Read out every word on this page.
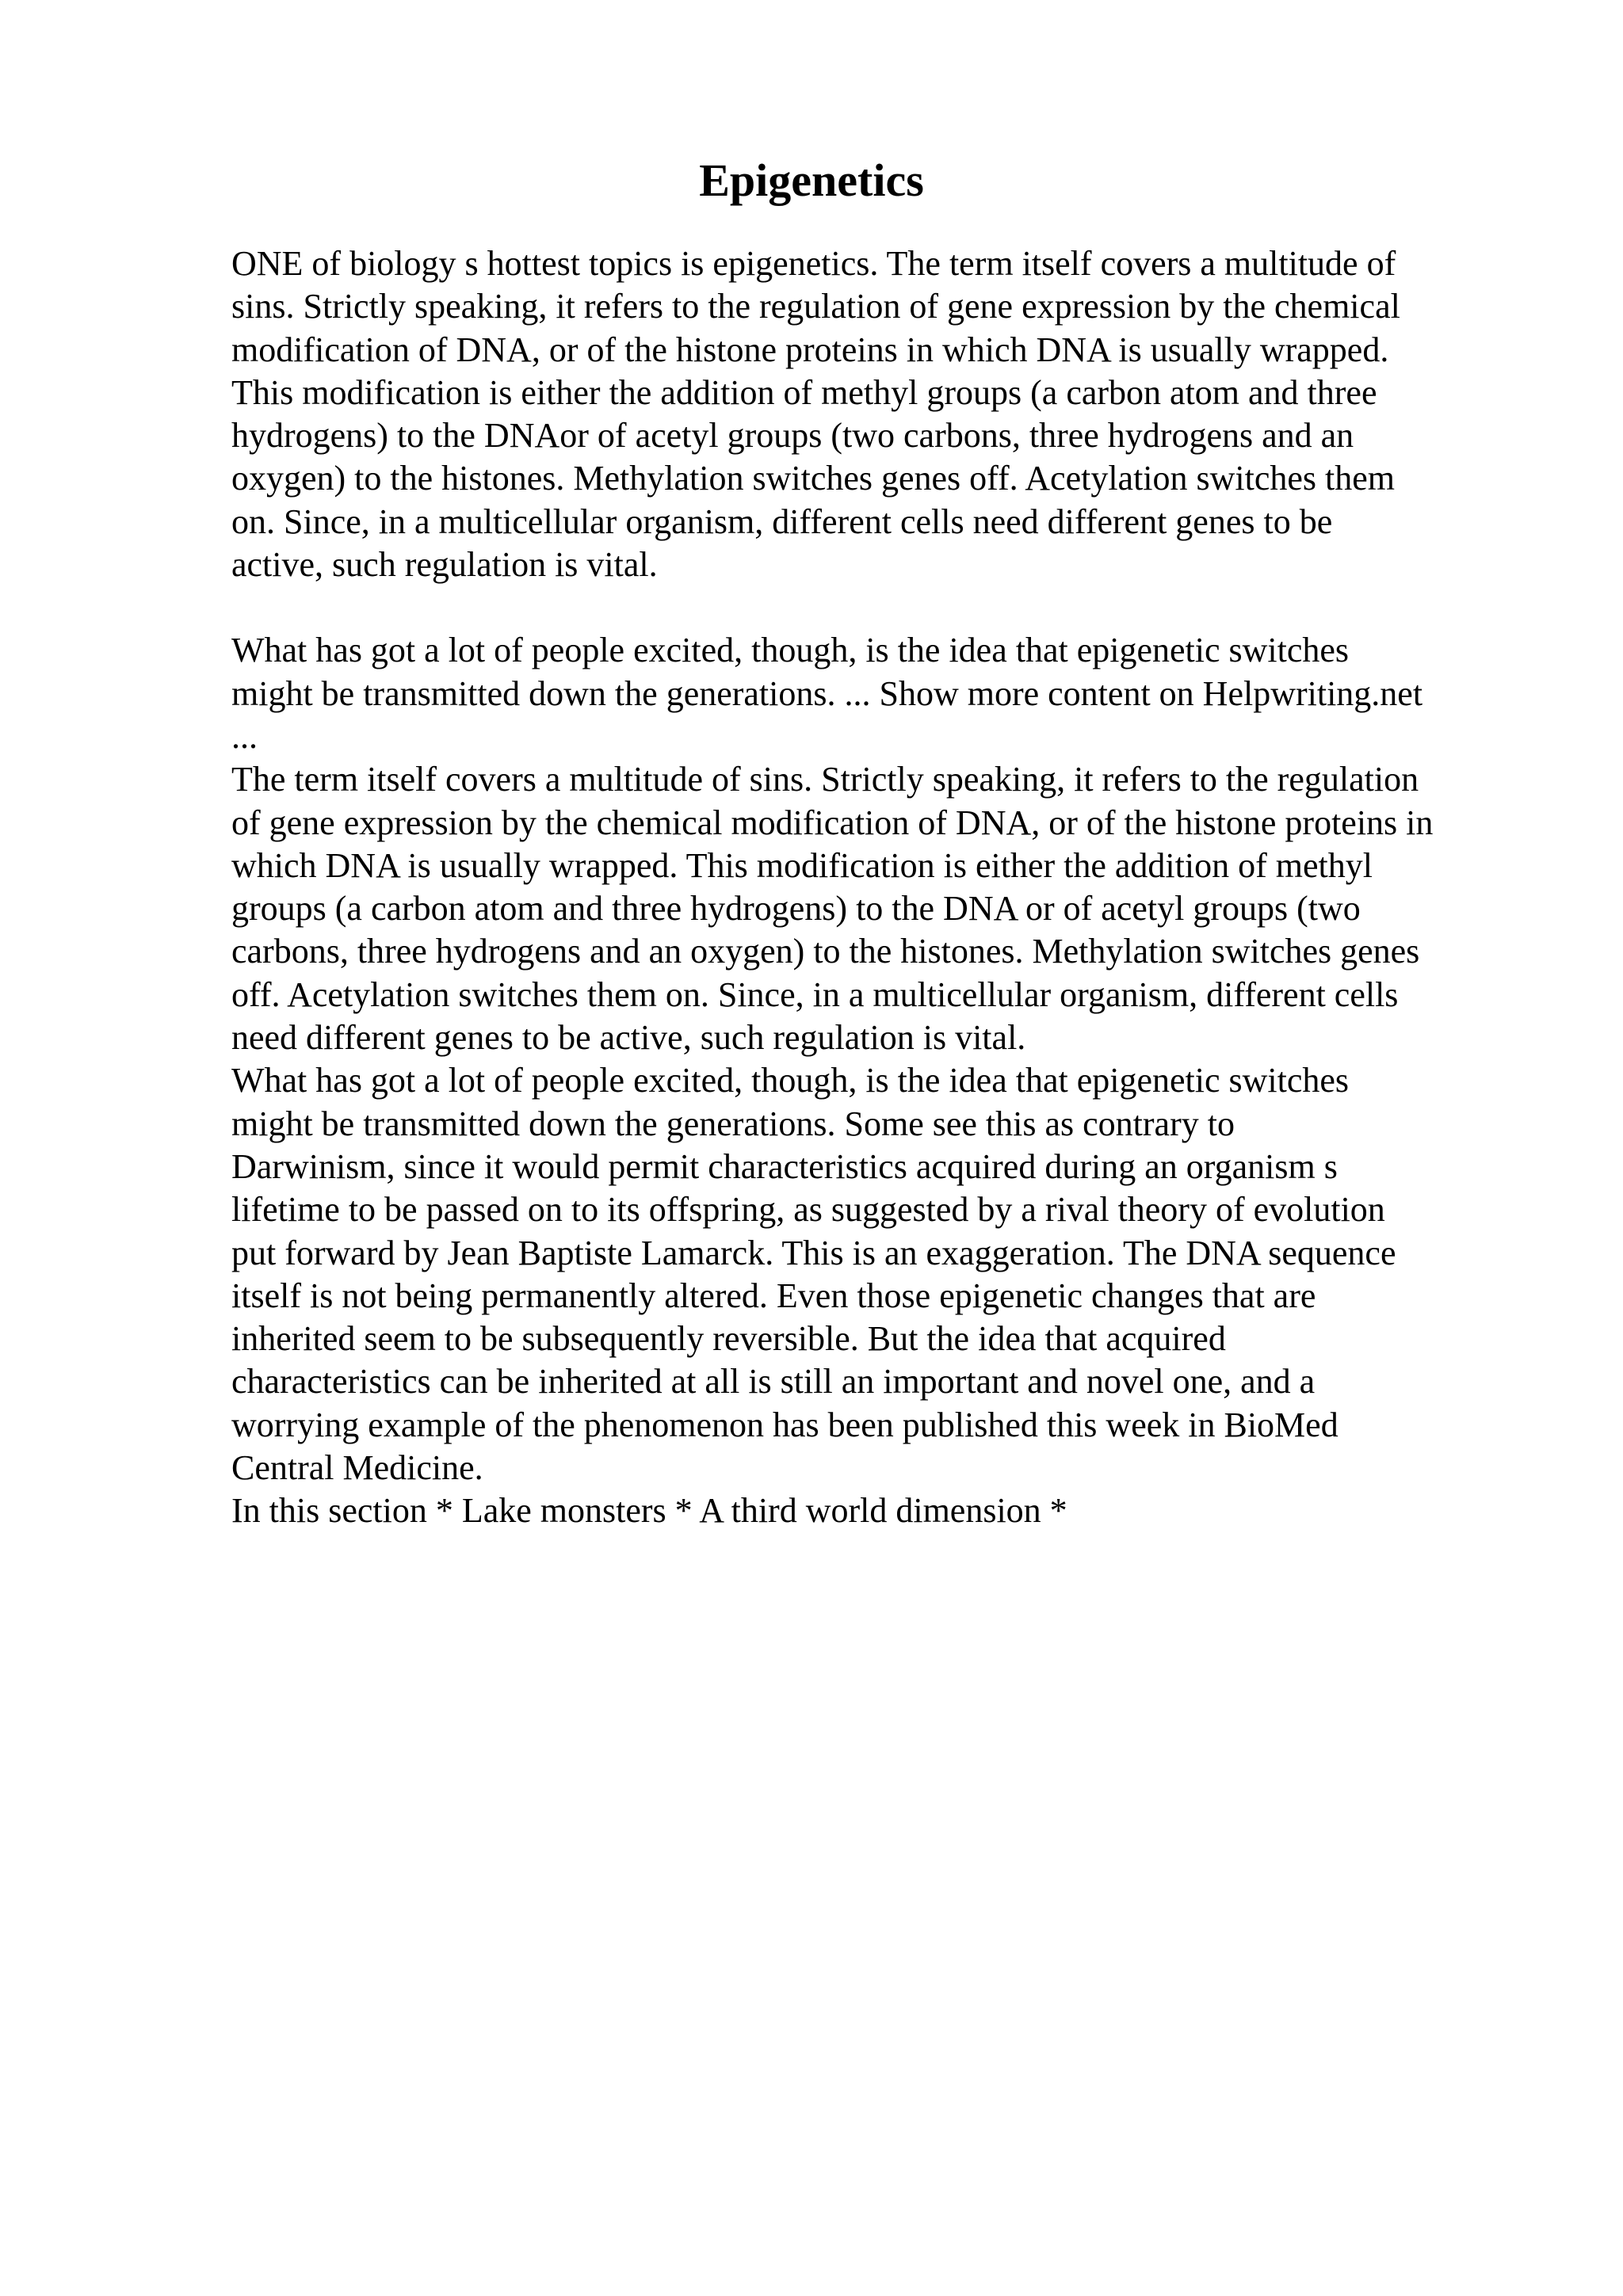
Epigenetics

ONE of biology s hottest topics is epigenetics. The term itself covers a multitude of
sins. Strictly speaking, it refers to the regulation of gene expression by the chemical
modification of DNA, or of the histone proteins in which DNA is usually wrapped.
This modification is either the addition of methyl groups (a carbon atom and three
hydrogens) to the DNAor of acetyl groups (two carbons, three hydrogens and an
oxygen) to the histones. Methylation switches genes off. Acetylation switches them
on. Since, in a multicellular organism, different cells need different genes to be
active, such regulation is vital.

What has got a lot of people excited, though, is the idea that epigenetic switches
might be transmitted down the generations. ... Show more content on Helpwriting.net
...

The term itself covers a multitude of sins. Strictly speaking, it refers to the regulation
of gene expression by the chemical modification of DNA, or of the histone proteins in
which DNA is usually wrapped. This modification is either the addition of methyl
groups (a carbon atom and three hydrogens) to the DNA or of acetyl groups (two
carbons, three hydrogens and an oxygen) to the histones. Methylation switches genes
off. Acetylation switches them on. Since, in a multicellular organism, different cells
need different genes to be active, such regulation is vital.

What has got a lot of people excited, though, is the idea that epigenetic switches
might be transmitted down the generations. Some see this as contrary to
Darwinism, since it would permit characteristics acquired during an organism s
lifetime to be passed on to its offspring, as suggested by a rival theory of evolution
put forward by Jean Baptiste Lamarck. This is an exaggeration. The DNA sequence
itself is not being permanently altered. Even those epigenetic changes that are
inherited seem to be subsequently reversible. But the idea that acquired
characteristics can be inherited at all is still an important and novel one, and a
worrying example of the phenomenon has been published this week in BioMed
Central Medicine.

In this section * Lake monsters * A third world dimension *
